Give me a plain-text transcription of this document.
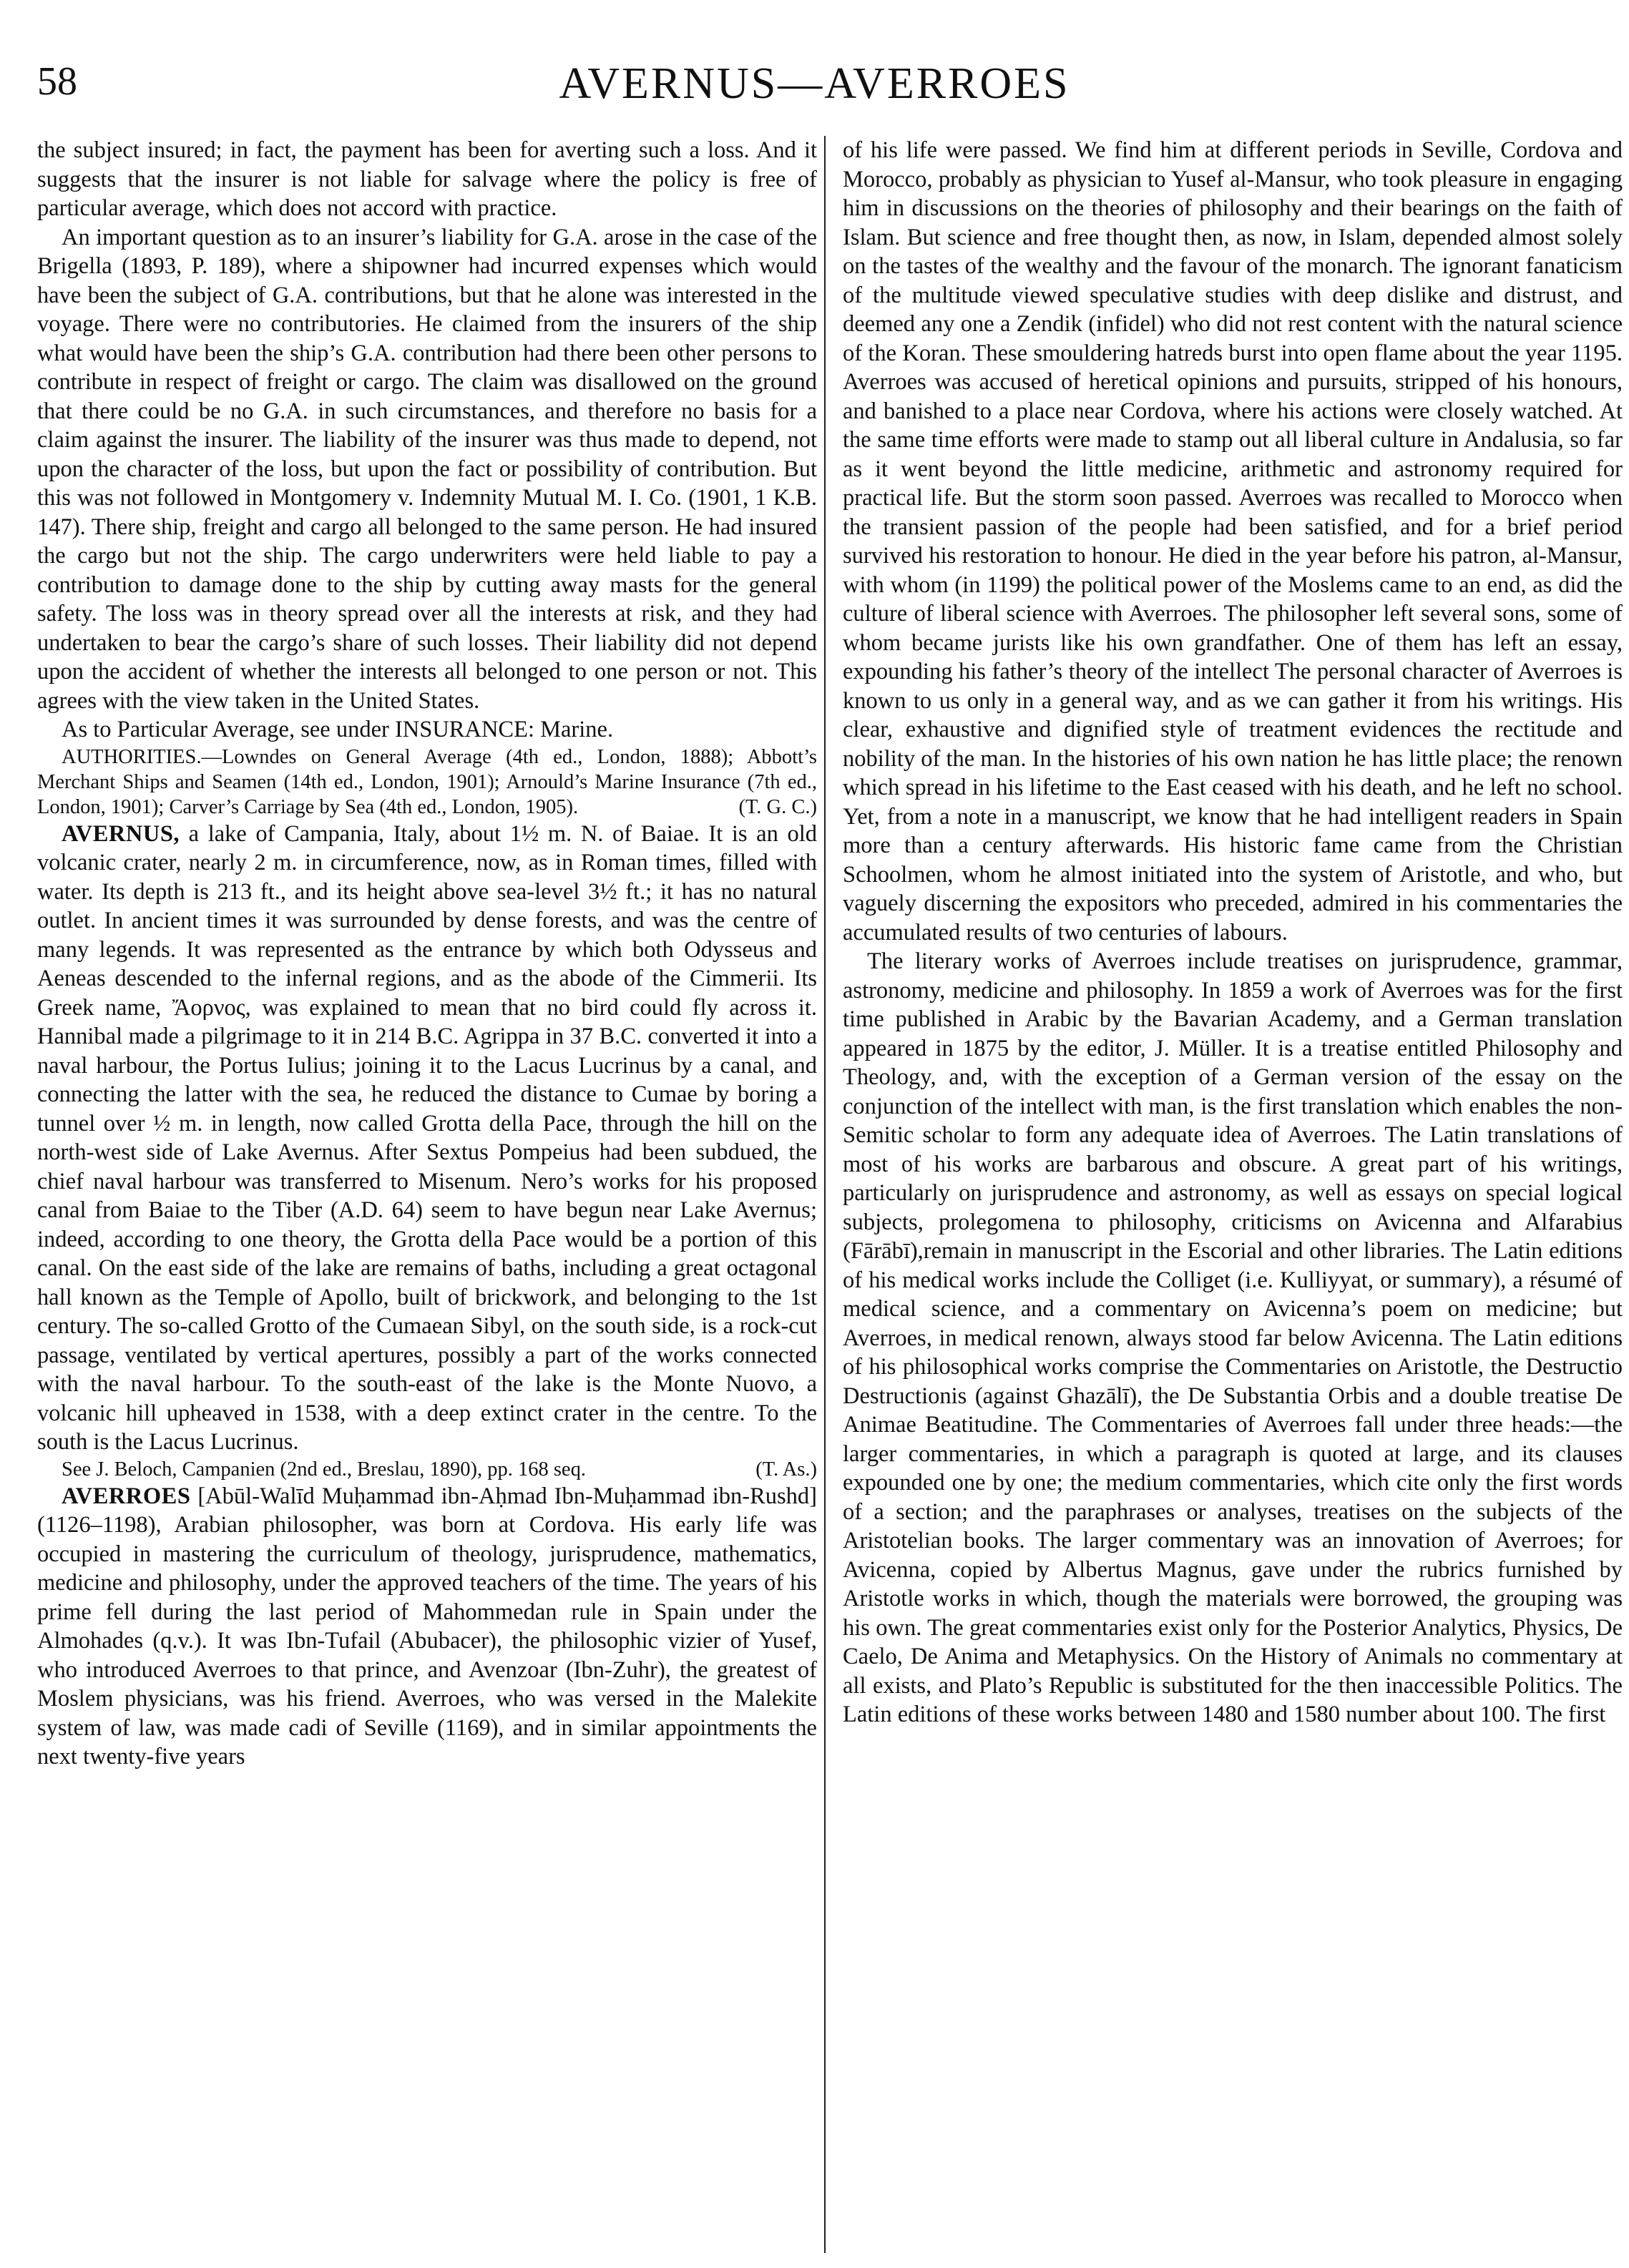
58	AVERNUS—AVERROES

the subject insured; in fact, the payment has been for averting such a loss. And it suggests that the insurer is not liable for salvage where the policy is free of particular average, which does not accord with practice.

An important question as to an insurer’s liability for G.A. arose in the case of the Brigella (1893, P. 189), where a shipowner had incurred expenses which would have been the subject of G.A. contributions, but that he alone was interested in the voyage. There were no contributories. He claimed from the insurers of the ship what would have been the ship’s G.A. contribution had there been other persons to contribute in respect of freight or cargo. The claim was disallowed on the ground that there could be no G.A. in such circumstances, and therefore no basis for a claim against the insurer. The liability of the insurer was thus made to depend, not upon the character of the loss, but upon the fact or possibility of contribution. But this was not followed in Montgomery v. Indemnity Mutual M. I. Co. (1901, 1 K.B. 147). There ship, freight and cargo all belonged to the same person. He had insured the cargo but not the ship. The cargo underwriters were held liable to pay a contribution to damage done to the ship by cutting away masts for the general safety. The loss was in theory spread over all the interests at risk, and they had undertaken to bear the cargo’s share of such losses. Their liability did not depend upon the accident of whether the interests all belonged to one person or not. This agrees with the view taken in the United States.

As to Particular Average, see under INSURANCE: Marine.

AUTHORITIES.—Lowndes on General Average (4th ed., London, 1888); Abbott’s Merchant Ships and Seamen (14th ed., London, 1901); Arnould’s Marine Insurance (7th ed., London, 1901); Carver’s Carriage by Sea (4th ed., London, 1905).	(T. G. C.)

AVERNUS, a lake of Campania, Italy, about 1½ m. N. of Baiae. It is an old volcanic crater, nearly 2 m. in circumference, now, as in Roman times, filled with water. Its depth is 213 ft., and its height above sea-level 3½ ft.; it has no natural outlet. In ancient times it was surrounded by dense forests, and was the centre of many legends. It was represented as the entrance by which both Odysseus and Aeneas descended to the infernal regions, and as the abode of the Cimmerii. Its Greek name, Ἄορνος, was explained to mean that no bird could fly across it. Hannibal made a pilgrimage to it in 214 B.C. Agrippa in 37 B.C. converted it into a naval harbour, the Portus Iulius; joining it to the Lacus Lucrinus by a canal, and connecting the latter with the sea, he reduced the distance to Cumae by boring a tunnel over ½ m. in length, now called Grotta della Pace, through the hill on the north-west side of Lake Avernus. After Sextus Pompeius had been subdued, the chief naval harbour was transferred to Misenum. Nero’s works for his proposed canal from Baiae to the Tiber (A.D. 64) seem to have begun near Lake Avernus; indeed, according to one theory, the Grotta della Pace would be a portion of this canal. On the east side of the lake are remains of baths, including a great octagonal hall known as the Temple of Apollo, built of brickwork, and belonging to the 1st century. The so-called Grotto of the Cumaean Sibyl, on the south side, is a rock-cut passage, ventilated by vertical apertures, possibly a part of the works connected with the naval harbour. To the south-east of the lake is the Monte Nuovo, a volcanic hill upheaved in 1538, with a deep extinct crater in the centre. To the south is the Lacus Lucrinus.

See J. Beloch, Campanien (2nd ed., Breslau, 1890), pp. 168 seq.	(T. As.)

AVERROES [Abūl-Walīd Muḥammad ibn-Aḥmad Ibn-Muḥammad ibn-Rushd] (1126–1198), Arabian philosopher, was born at Cordova. His early life was occupied in mastering the curriculum of theology, jurisprudence, mathematics, medicine and philosophy, under the approved teachers of the time. The years of his prime fell during the last period of Mahommedan rule in Spain under the Almohades (q.v.). It was Ibn-Tufail (Abubacer), the philosophic vizier of Yusef, who introduced Averroes to that prince, and Avenzoar (Ibn-Zuhr), the greatest of Moslem physicians, was his friend. Averroes, who was versed in the Malekite system of law, was made cadi of Seville (1169), and in similar appointments the next twenty-five years

of his life were passed. We find him at different periods in Seville, Cordova and Morocco, probably as physician to Yusef al-Mansur, who took pleasure in engaging him in discussions on the theories of philosophy and their bearings on the faith of Islam. But science and free thought then, as now, in Islam, depended almost solely on the tastes of the wealthy and the favour of the monarch. The ignorant fanaticism of the multitude viewed speculative studies with deep dislike and distrust, and deemed any one a Zendik (infidel) who did not rest content with the natural science of the Koran. These smouldering hatreds burst into open flame about the year 1195. Averroes was accused of heretical opinions and pursuits, stripped of his honours, and banished to a place near Cordova, where his actions were closely watched. At the same time efforts were made to stamp out all liberal culture in Andalusia, so far as it went beyond the little medicine, arithmetic and astronomy required for practical life. But the storm soon passed. Averroes was recalled to Morocco when the transient passion of the people had been satisfied, and for a brief period survived his restoration to honour. He died in the year before his patron, al-Mansur, with whom (in 1199) the political power of the Moslems came to an end, as did the culture of liberal science with Averroes. The philosopher left several sons, some of whom became jurists like his own grandfather. One of them has left an essay, expounding his father’s theory of the intellect The personal character of Averroes is known to us only in a general way, and as we can gather it from his writings. His clear, exhaustive and dignified style of treatment evidences the rectitude and nobility of the man. In the histories of his own nation he has little place; the renown which spread in his lifetime to the East ceased with his death, and he left no school. Yet, from a note in a manuscript, we know that he had intelligent readers in Spain more than a century afterwards. His historic fame came from the Christian Schoolmen, whom he almost initiated into the system of Aristotle, and who, but vaguely discerning the expositors who preceded, admired in his commentaries the accumulated results of two centuries of labours.

The literary works of Averroes include treatises on jurisprudence, grammar, astronomy, medicine and philosophy. In 1859 a work of Averroes was for the first time published in Arabic by the Bavarian Academy, and a German translation appeared in 1875 by the editor, J. Müller. It is a treatise entitled Philosophy and Theology, and, with the exception of a German version of the essay on the conjunction of the intellect with man, is the first translation which enables the non-Semitic scholar to form any adequate idea of Averroes. The Latin translations of most of his works are barbarous and obscure. A great part of his writings, particularly on jurisprudence and astronomy, as well as essays on special logical subjects, prolegomena to philosophy, criticisms on Avicenna and Alfarabius (Fārābī),remain in manuscript in the Escorial and other libraries. The Latin editions of his medical works include the Colliget (i.e. Kulliyyat, or summary), a résumé of medical science, and a commentary on Avicenna’s poem on medicine; but Averroes, in medical renown, always stood far below Avicenna. The Latin editions of his philosophical works comprise the Commentaries on Aristotle, the Destructio Destructionis (against Ghazālī), the De Substantia Orbis and a double treatise De Animae Beatitudine. The Commentaries of Averroes fall under three heads:—the larger commentaries, in which a paragraph is quoted at large, and its clauses expounded one by one; the medium commentaries, which cite only the first words of a section; and the paraphrases or analyses, treatises on the subjects of the Aristotelian books. The larger commentary was an innovation of Averroes; for Avicenna, copied by Albertus Magnus, gave under the rubrics furnished by Aristotle works in which, though the materials were borrowed, the grouping was his own. The great commentaries exist only for the Posterior Analytics, Physics, De Caelo, De Anima and Metaphysics. On the History of Animals no commentary at all exists, and Plato’s Republic is substituted for the then inaccessible Politics. The Latin editions of these works between 1480 and 1580 number about 100. The first
